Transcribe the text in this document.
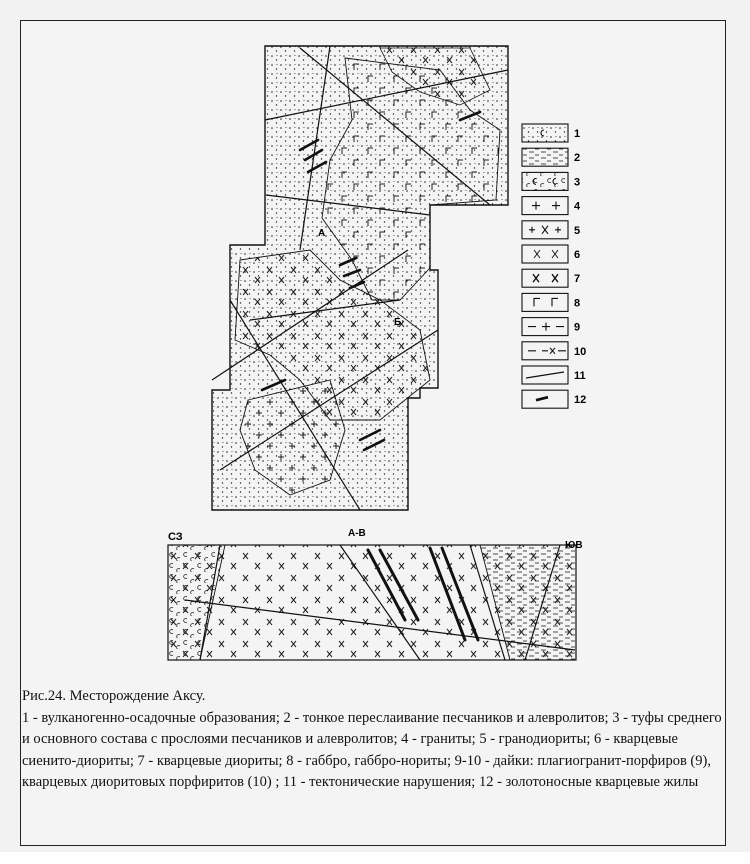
А
Б
1
2
3
4
5
6
7
8
9
10
11
12
СЗ	А-В
ЮВ

Рис.24. Месторождение Аксу.

1 - вулканогенно-осадочные образования; 2 - тонкое переслаивание песчаников и алевролитов; 3 - туфы среднего и основного состава с прослоями песчаников и алевролитов; 4 - граниты; 5 - гранодиориты; 6 - кварцевые сиенито-диориты; 7 - кварцевые диориты; 8 - габбро, габбро-нориты; 9-10 - дайки: плагиогранит-порфиров (9), кварцевых диоритовых порфиритов (10) ; 11 - тектонические нарушения; 12 - золотоносные кварцевые жилы
